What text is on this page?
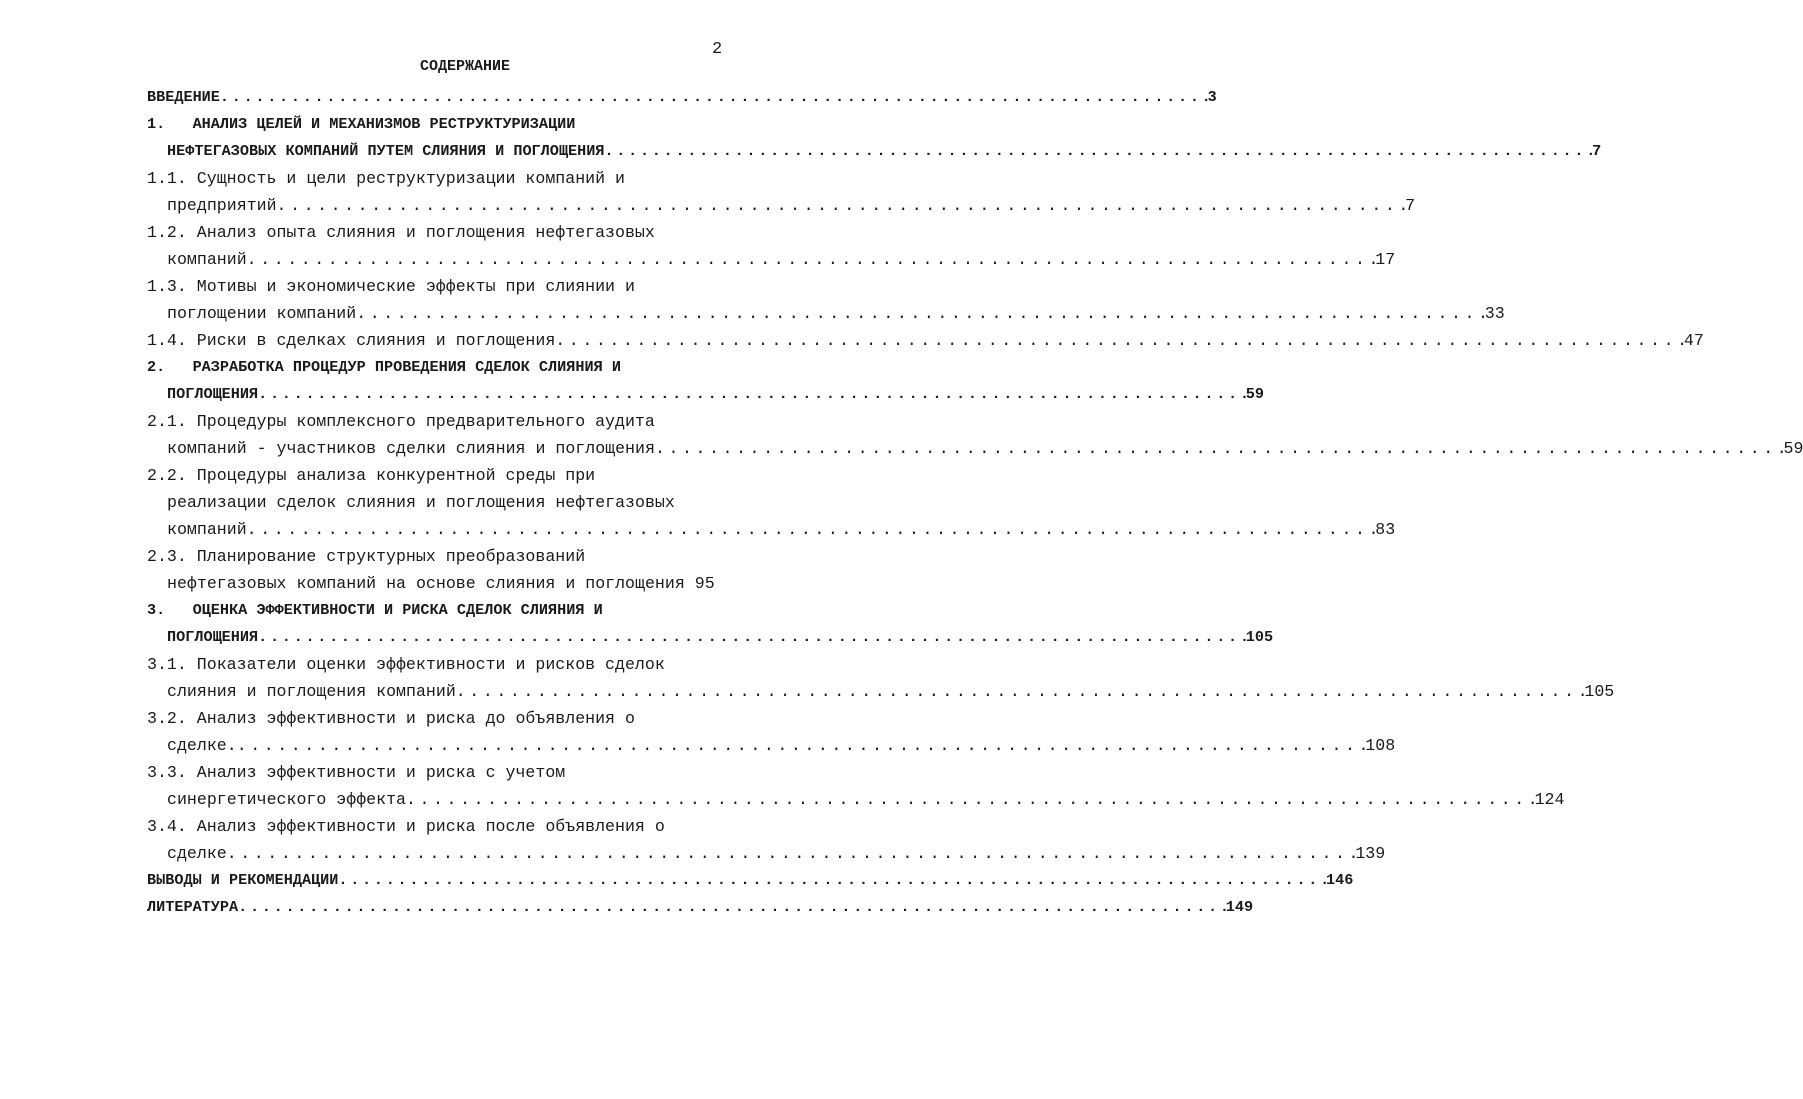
2
СОДЕРЖАНИЕ
ВВЕДЕНИЕ . . .	3
1.   АНАЛИЗ ЦЕЛЕЙ И МЕХАНИЗМОВ РЕСТРУКТУРИЗАЦИИ
НЕФТЕГАЗОВЫХ КОМПАНИЙ ПУТЕМ СЛИЯНИЯ И ПОГЛОЩЕНИЯ . . .	7
1.1. Сущность и цели реструктуризации компаний и
предприятий . . .	7
1.2. Анализ опыта слияния и поглощения нефтегазовых
компаний . . .	17
1.3. Мотивы и экономические эффекты при слиянии и
поглощении компаний . . .	33
1.4. Риски в сделках слияния и поглощения . . .	47
2.   РАЗРАБОТКА ПРОЦЕДУР ПРОВЕДЕНИЯ СДЕЛОК СЛИЯНИЯ И
ПОГЛОЩЕНИЯ . . .	59
2.1. Процедуры комплексного предварительного аудита
компаний - участников сделки слияния и поглощения . . .	59
2.2. Процедуры анализа конкурентной среды при
реализации сделок слияния и поглощения нефтегазовых
компаний . . .	83
2.3. Планирование структурных преобразований
нефтегазовых компаний на основе слияния и поглощения 95
3.   ОЦЕНКА ЭФФЕКТИВНОСТИ И РИСКА СДЕЛОК СЛИЯНИЯ И
ПОГЛОЩЕНИЯ . . .	105
3.1. Показатели оценки эффективности и рисков сделок
слияния и поглощения компаний . . .	105
3.2. Анализ эффективности и риска до объявления о
сделке. . . .	108
3.3. Анализ эффективности и риска с учетом
синергетического эффекта . . .	124
3.4. Анализ эффективности и риска после объявления о
сделке . . .	139
ВЫВОДЫ И РЕКОМЕНДАЦИИ . . .	146
ЛИТЕРАТУРА . . .	149
